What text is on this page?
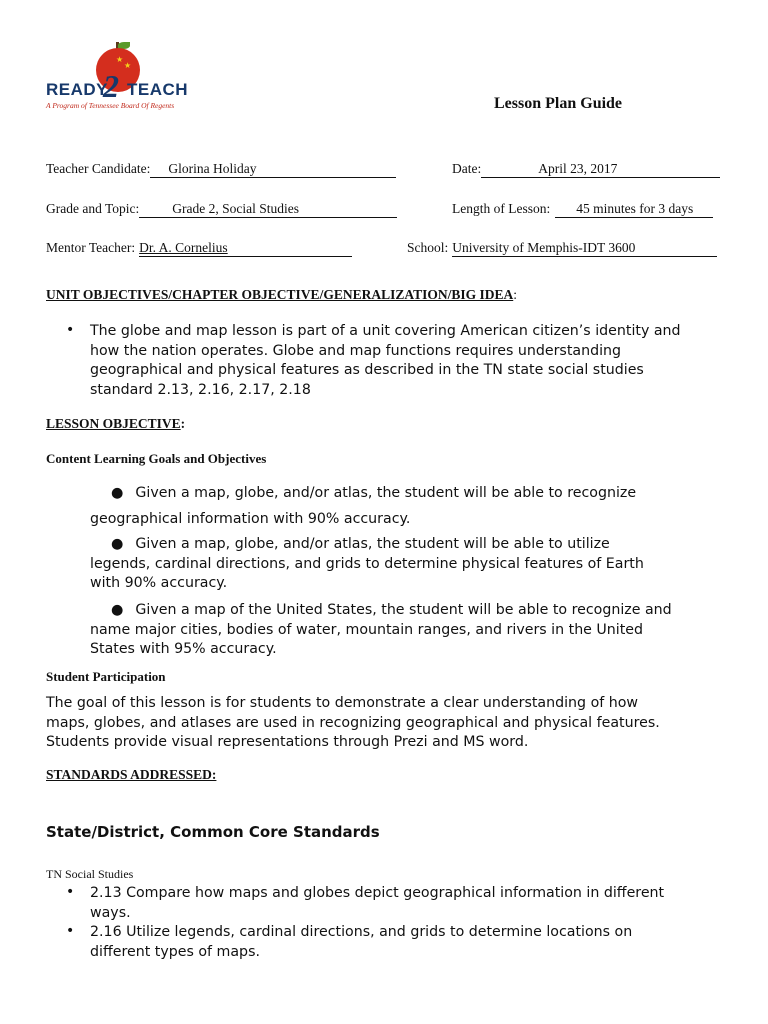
★
★
READY
2 TEACH
A Program of Tennessee Board Of Regents	Lesson Plan Guide
Teacher Candidate: Glorina Holiday	Date:	April 23, 2017
Grade and Topic: Grade 2, Social Studies	Length of Lesson: 45 minutes for 3 days
Mentor Teacher: Dr. A. Cornelius	School: University of Memphis-IDT 3600
UNIT OBJECTIVES/CHAPTER OBJECTIVE/GENERALIZATION/BIG IDEA:
• The globe and map lesson is part of a unit covering American citizen’s identity and
how the nation operates. Globe and map functions requires understanding
geographical and physical features as described in the TN state social studies
standard 2.13, 2.16, 2.17, 2.18
LESSON OBJECTIVE:
Content Learning Goals and Objectives
● Given a map, globe, and/or atlas, the student will be able to recognize
geographical information with 90% accuracy.
● Given a map, globe, and/or atlas, the student will be able to utilize
legends, cardinal directions, and grids to determine physical features of Earth
with 90% accuracy.
● Given a map of the United States, the student will be able to recognize and
name major cities, bodies of water, mountain ranges, and rivers in the United
States with 95% accuracy.
Student Participation
The goal of this lesson is for students to demonstrate a clear understanding of how
maps, globes, and atlases are used in recognizing geographical and physical features.
Students provide visual representations through Prezi and MS word.
STANDARDS ADDRESSED:
State/District, Common Core Standards
TN Social Studies
• 2.13 Compare how maps and globes depict geographical information in different
ways.
• 2.16 Utilize legends, cardinal directions, and grids to determine locations on
different types of maps.
